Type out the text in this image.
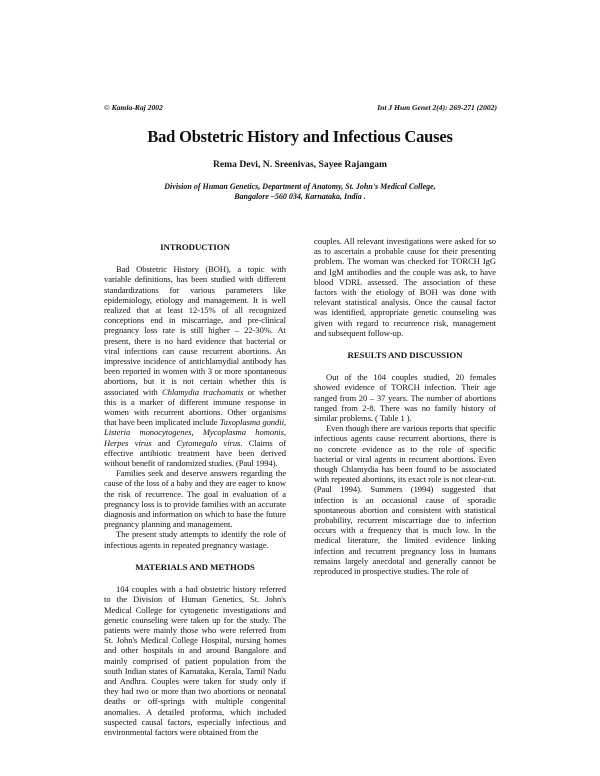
© Kamla-Raj 2002	Int J Hum Genet 2(4): 269-271 (2002)
Bad Obstetric History and Infectious Causes
Rema Devi, N. Sreenivas, Sayee Rajangam
Division of Human Genetics, Department of Anatomy, St. John's Medical College,
Bangalore –560 034, Karnataka, India .

INTRODUCTION

Bad Obstetric History (BOH), a topic with variable definitions, has been studied with different standardizations for various parameters like epidemiology, etiology and management. It is well realized that at least 12-15% of all recognized conceptions end in miscarriage, and pre-clinical pregnancy loss rate is still higher – 22-30%. At present, there is no hard evidence that bacterial or viral infections can cause recurrent abortions. An impressive incidence of antichlamydial antibody has been reported in women with 3 or more spontaneous abortions, but it is not certain whether this is associated with Chlamydia trachomatis or whether this is a marker of different immune response in women with recurrent abortions. Other organisms that have been implicated include Taxoplasma gondii, Listeria monocytogenes, Mycoplasma homonis, Herpes virus and Cytomegalo virus. Claims of effective antibiotic treatment have been derived without benefit of randomized studies. (Paul 1994).

Families seek and deserve answers regarding the cause of the loss of a baby and they are eager to know the risk of recurrence. The goal in evaluation of a pregnancy loss is to provide families with an accurate diagnosis and information on which to base the future pregnancy planning and management.

The present study attempts to identify the role of infectious agents in repeated pregnancy wastage.

MATERIALS AND METHODS

104 couples with a bad obstetric history referred to the Division of Human Genetics, St. John's Medical College for cytogenetic investigations and genetic counseling were taken up for the study. The patients were mainly those who were referred from St. John's Medical College Hospital, nursing homes and other hospitals in and around Bangalore and mainly comprised of patient population from the south Indian states of Karnataka, Kerala, Tamil Nadu and Andhra. Couples were taken for study only if they had two or more than two abortions or neonatal deaths or off-springs with multiple congenital anomalies. A detailed proforma, which included suspected causal factors, especially infectious and environmental factors were obtained from the

couples. All relevant investigations were asked for so as to ascertain a probable cause for their presenting problem. The woman was checked for TORCH IgG and IgM antibodies and the couple was ask, to have blood VDRL assessed. The association of these factors with the etiology of BOH was done with relevant statistical analysis. Once the causal factor was identified, appropriate genetic counseling was given with regard to recurrence risk, management and subsequent follow-up.

RESULTS AND DISCUSSION

Out of the 104 couples studied, 20 females showed evidence of TORCH infection. Their age ranged from 20 – 37 years. The number of abortions ranged from 2-8. There was no family history of similar problems. ( Table 1 ).

Even though there are various reports that specific infectious agents cause recurrent abortions, there is no concrete evidence as to the role of specific bacterial or viral agents in recurrent abortions. Even though Chlamydia has been found to be associated with repeated abortions, its exact role is not clear-cut. (Paul 1994). Summers (1994) suggested that infection is an occasional cause of sporadic spontaneous abortion and consistent with statistical probability, recurrent miscarriage due to infection occurs with a frequency that is much low. In the medical literature, the limited evidence linking infection and recurrent pregnancy loss in humans remains largely anecdotal and generally cannot be reproduced in prospective studies. The role of
